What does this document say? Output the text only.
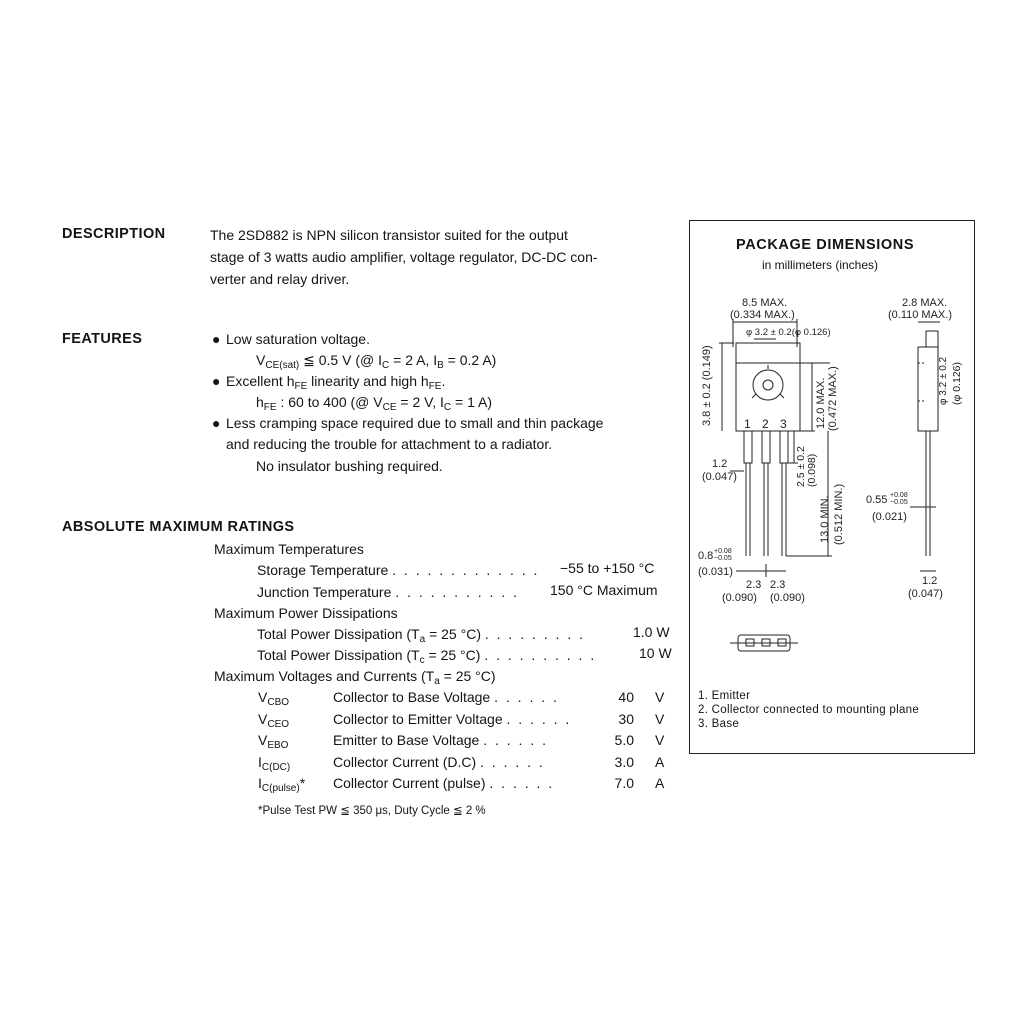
DESCRIPTION	The 2SD882 is NPN silicon transistor suited for the output
stage of 3 watts audio amplifier, voltage regulator, DC-DC con-
verter and relay driver.
FEATURES	● Low saturation voltage.
$V_{CE(sat)}$ ≦ 0.5 V (@ $I_C = 2$ A, $I_B = 0.2$ A)
● Excellent $h_{FE}$ linearity and high $h_{FE}$.
$h_{FE}$ : 60 to 400 (@ $V_{CE} = 2$ V, $I_C = 1$ A)
● Less cramping space required due to small and thin package
and reducing the trouble for attachment to a radiator.
No insulator bushing required.
ABSOLUTE MAXIMUM RATINGS
Maximum Temperatures
Storage Temperature . . . . . . . . . . . . . −55 to +150 °C
Junction Temperature . . . . . . . . . . . 150 °C Maximum
Maximum Power Dissipations
Total Power Dissipation ($T_a = 25$ °C) . . . . . . . . .	1.0 W
Total Power Dissipation ($T_c = 25$ °C) . . . . . . . . . .	10 W
Maximum Voltages and Currents ($T_a = 25$ °C)
$V_{CBO}$	Collector to Base Voltage . . . . . .	40 V
$V_{CEO}$	Collector to Emitter Voltage . . . . . .	30 V
$V_{EBO}$	Emitter to Base Voltage . . . . . .	5.0 V
$I_{C(DC)}$	Collector Current (D.C) . . . . . .	3.0 A
$I_{C(pulse)}*$ Collector Current (pulse) . . . . . .	7.0 A
*Pulse Test PW ≦ 350 μs, Duty Cycle ≦ 2 %
PACKAGE DIMENSIONS
in millimeters (inches)
8.5 MAX.
(0.334 MAX.)
φ 3.2 ± 0.2(φ 0.126)
3.8 ± 0.2 (0.149)	1 2 3	12.0 MAX. (0.472 MAX.)
2.5 ± 0.2 (0.098)
13.0 MIN. (0.512 MIN.)
1.2
(0.047)
0.8 +0.08
−0.05
(0.031)
2.3 2.3
(0.090) (0.090)
2.8 MAX.
(0.110 MAX.)
φ 3.2 ± 0.2 (φ 0.126)
0.55 +0.08
−0.05
(0.021)
1.2
(0.047)
1. Emitter
2. Collector connected to mounting plane
3. Base
